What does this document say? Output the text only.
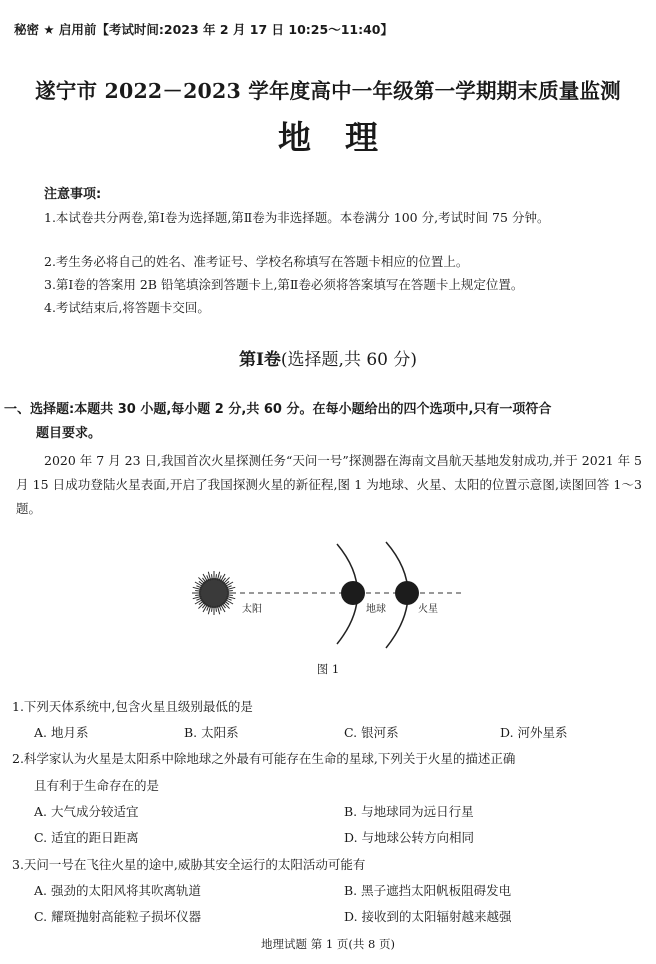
秘密 ★ 启用前【考试时间:2023 年 2 月 17 日 10:25～11:40】
遂宁市 2022－2023 学年度高中一年级第一学期期末质量监测
地理
注意事项:
1.本试卷共分两卷,第Ⅰ卷为选择题,第Ⅱ卷为非选择题。本卷满分 100 分,考试时间 75 分钟。
2.考生务必将自己的姓名、准考证号、学校名称填写在答题卡相应的位置上。
3.第Ⅰ卷的答案用 2B 铅笔填涂到答题卡上,第Ⅱ卷必须将答案填写在答题卡上规定位置。
4.考试结束后,将答题卡交回。
第Ⅰ卷(选择题,共 60 分)
一、选择题:本题共 30 小题,每小题 2 分,共 60 分。在每小题给出的四个选项中,只有一项符合
题目要求。
2020 年 7 月 23 日,我国首次火星探测任务“天问一号”探测器在海南文昌航天基地发射成功,并于 2021 年 5 月 15 日成功登陆火星表面,开启了我国探测火星的新征程,图 1 为地球、火星、太阳的位置示意图,读图回答 1～3 题。
太阳	地球	火星
图 1
1.下列天体系统中,包含火星且级别最低的是
A. 地月系	B. 太阳系	C. 银河系	D. 河外星系
2.科学家认为火星是太阳系中除地球之外最有可能存在生命的星球,下列关于火星的描述正确
且有利于生命存在的是
A. 大气成分较适宜	B. 与地球同为远日行星
C. 适宜的距日距离	D. 与地球公转方向相同
3.天问一号在飞往火星的途中,威胁其安全运行的太阳活动可能有
A. 强劲的太阳风将其吹离轨道	B. 黑子遮挡太阳帆板阻碍发电
C. 耀斑抛射高能粒子损坏仪器	D. 接收到的太阳辐射越来越强
地理试题 第 1 页(共 8 页)
